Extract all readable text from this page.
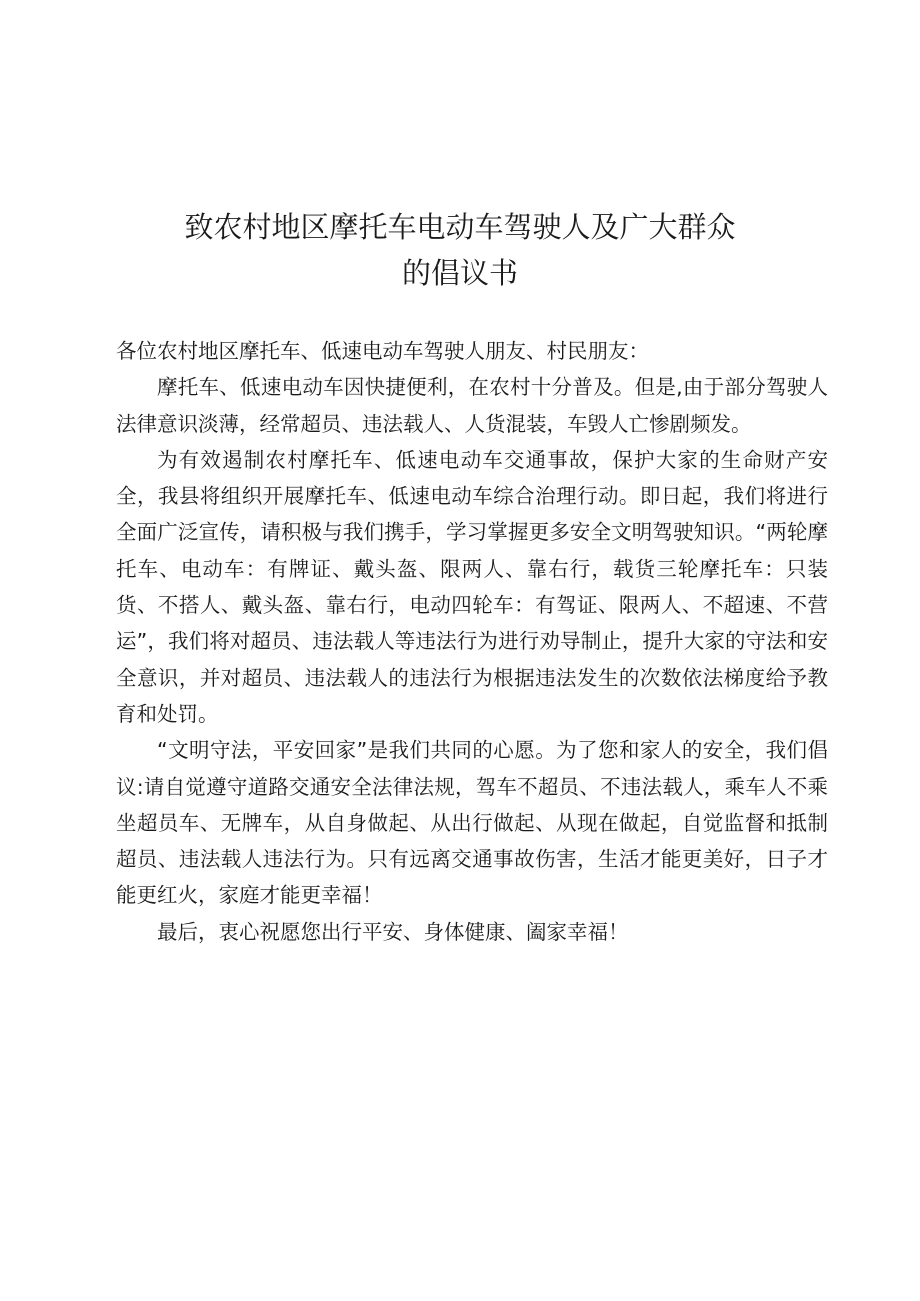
致农村地区摩托车电动车驾驶人及广大群众
的倡议书

各位农村地区摩托车、低速电动车驾驶人朋友、村民朋友：

摩托车、低速电动车因快捷便利，在农村十分普及。但是,由于部分驾驶人法律意识淡薄，经常超员、违法载人、人货混装，车毁人亡惨剧频发。

为有效遏制农村摩托车、低速电动车交通事故，保护大家的生命财产安全，我县将组织开展摩托车、低速电动车综合治理行动。即日起，我们将进行全面广泛宣传，请积极与我们携手，学习掌握更多安全文明驾驶知识。“两轮摩托车、电动车：有牌证、戴头盔、限两人、靠右行，载货三轮摩托车：只装货、不搭人、戴头盔、靠右行，电动四轮车：有驾证、限两人、不超速、不营运”，我们将对超员、违法载人等违法行为进行劝导制止，提升大家的守法和安全意识，并对超员、违法载人的违法行为根据违法发生的次数依法梯度给予教育和处罚。

“文明守法，平安回家”是我们共同的心愿。为了您和家人的安全，我们倡议:请自觉遵守道路交通安全法律法规，驾车不超员、不违法载人，乘车人不乘坐超员车、无牌车，从自身做起、从出行做起、从现在做起，自觉监督和抵制超员、违法载人违法行为。只有远离交通事故伤害，生活才能更美好，日子才能更红火，家庭才能更幸福！

最后，衷心祝愿您出行平安、身体健康、阖家幸福！
